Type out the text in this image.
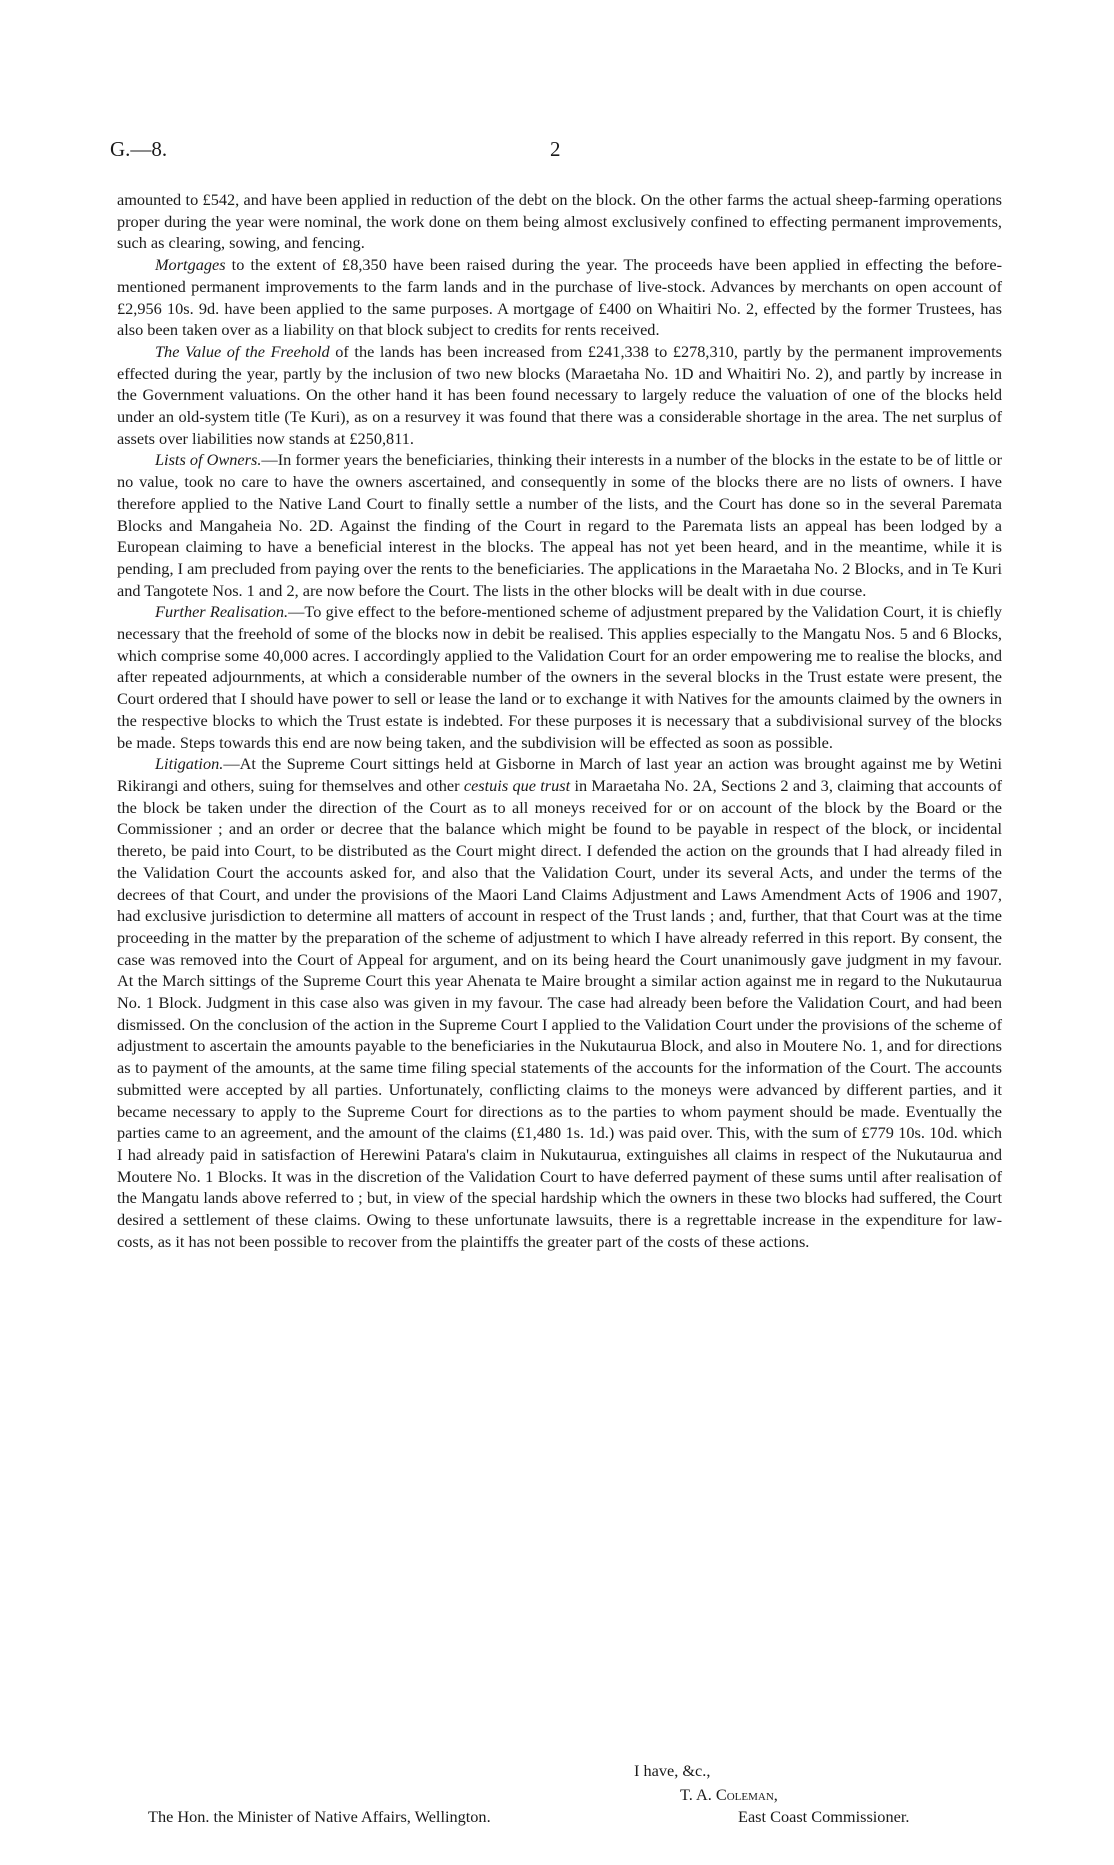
G.—8.	2

amounted to £542, and have been applied in reduction of the debt on the block. On the other farms the actual sheep-farming operations proper during the year were nominal, the work done on them being almost exclusively confined to effecting permanent improvements, such as clearing, sowing, and fencing.

Mortgages to the extent of £8,350 have been raised during the year. The proceeds have been applied in effecting the before-mentioned permanent improvements to the farm lands and in the purchase of live-stock. Advances by merchants on open account of £2,956 10s. 9d. have been applied to the same purposes. A mortgage of £400 on Whaitiri No. 2, effected by the former Trustees, has also been taken over as a liability on that block subject to credits for rents received.

The Value of the Freehold of the lands has been increased from £241,338 to £278,310, partly by the permanent improvements effected during the year, partly by the inclusion of two new blocks (Maraetaha No. 1D and Whaitiri No. 2), and partly by increase in the Government valuations. On the other hand it has been found necessary to largely reduce the valuation of one of the blocks held under an old-system title (Te Kuri), as on a resurvey it was found that there was a considerable shortage in the area. The net surplus of assets over liabilities now stands at £250,811.

Lists of Owners.—In former years the beneficiaries, thinking their interests in a number of the blocks in the estate to be of little or no value, took no care to have the owners ascertained, and consequently in some of the blocks there are no lists of owners. I have therefore applied to the Native Land Court to finally settle a number of the lists, and the Court has done so in the several Paremata Blocks and Mangaheia No. 2D. Against the finding of the Court in regard to the Paremata lists an appeal has been lodged by a European claiming to have a beneficial interest in the blocks. The appeal has not yet been heard, and in the meantime, while it is pending, I am precluded from paying over the rents to the beneficiaries. The applications in the Maraetaha No. 2 Blocks, and in Te Kuri and Tangotete Nos. 1 and 2, are now before the Court. The lists in the other blocks will be dealt with in due course.

Further Realisation.—To give effect to the before-mentioned scheme of adjustment prepared by the Validation Court, it is chiefly necessary that the freehold of some of the blocks now in debit be realised. This applies especially to the Mangatu Nos. 5 and 6 Blocks, which comprise some 40,000 acres. I accordingly applied to the Validation Court for an order empowering me to realise the blocks, and after repeated adjournments, at which a considerable number of the owners in the several blocks in the Trust estate were present, the Court ordered that I should have power to sell or lease the land or to exchange it with Natives for the amounts claimed by the owners in the respective blocks to which the Trust estate is indebted. For these purposes it is necessary that a subdivisional survey of the blocks be made. Steps towards this end are now being taken, and the subdivision will be effected as soon as possible.

Litigation.—At the Supreme Court sittings held at Gisborne in March of last year an action was brought against me by Wetini Rikirangi and others, suing for themselves and other cestuis que trust in Maraetaha No. 2A, Sections 2 and 3, claiming that accounts of the block be taken under the direction of the Court as to all moneys received for or on account of the block by the Board or the Commissioner ; and an order or decree that the balance which might be found to be payable in respect of the block, or incidental thereto, be paid into Court, to be distributed as the Court might direct. I defended the action on the grounds that I had already filed in the Validation Court the accounts asked for, and also that the Validation Court, under its several Acts, and under the terms of the decrees of that Court, and under the provisions of the Maori Land Claims Adjustment and Laws Amendment Acts of 1906 and 1907, had exclusive jurisdiction to determine all matters of account in respect of the Trust lands ; and, further, that that Court was at the time proceeding in the matter by the preparation of the scheme of adjustment to which I have already referred in this report. By consent, the case was removed into the Court of Appeal for argument, and on its being heard the Court unanimously gave judgment in my favour. At the March sittings of the Supreme Court this year Ahenata te Maire brought a similar action against me in regard to the Nukutaurua No. 1 Block. Judgment in this case also was given in my favour. The case had already been before the Validation Court, and had been dismissed. On the conclusion of the action in the Supreme Court I applied to the Validation Court under the provisions of the scheme of adjustment to ascertain the amounts payable to the beneficiaries in the Nukutaurua Block, and also in Moutere No. 1, and for directions as to payment of the amounts, at the same time filing special statements of the accounts for the information of the Court. The accounts submitted were accepted by all parties. Unfortunately, conflicting claims to the moneys were advanced by different parties, and it became necessary to apply to the Supreme Court for directions as to the parties to whom payment should be made. Eventually the parties came to an agreement, and the amount of the claims (£1,480 1s. 1d.) was paid over. This, with the sum of £779 10s. 10d. which I had already paid in satisfaction of Herewini Patara's claim in Nukutaurua, extinguishes all claims in respect of the Nukutaurua and Moutere No. 1 Blocks. It was in the discretion of the Validation Court to have deferred payment of these sums until after realisation of the Mangatu lands above referred to ; but, in view of the special hardship which the owners in these two blocks had suffered, the Court desired a settlement of these claims. Owing to these unfortunate lawsuits, there is a regrettable increase in the expenditure for law-costs, as it has not been possible to recover from the plaintiffs the greater part of the costs of these actions.

I have, &c.,
T. A. Coleman,
The Hon. the Minister of Native Affairs, Wellington.	East Coast Commissioner.
